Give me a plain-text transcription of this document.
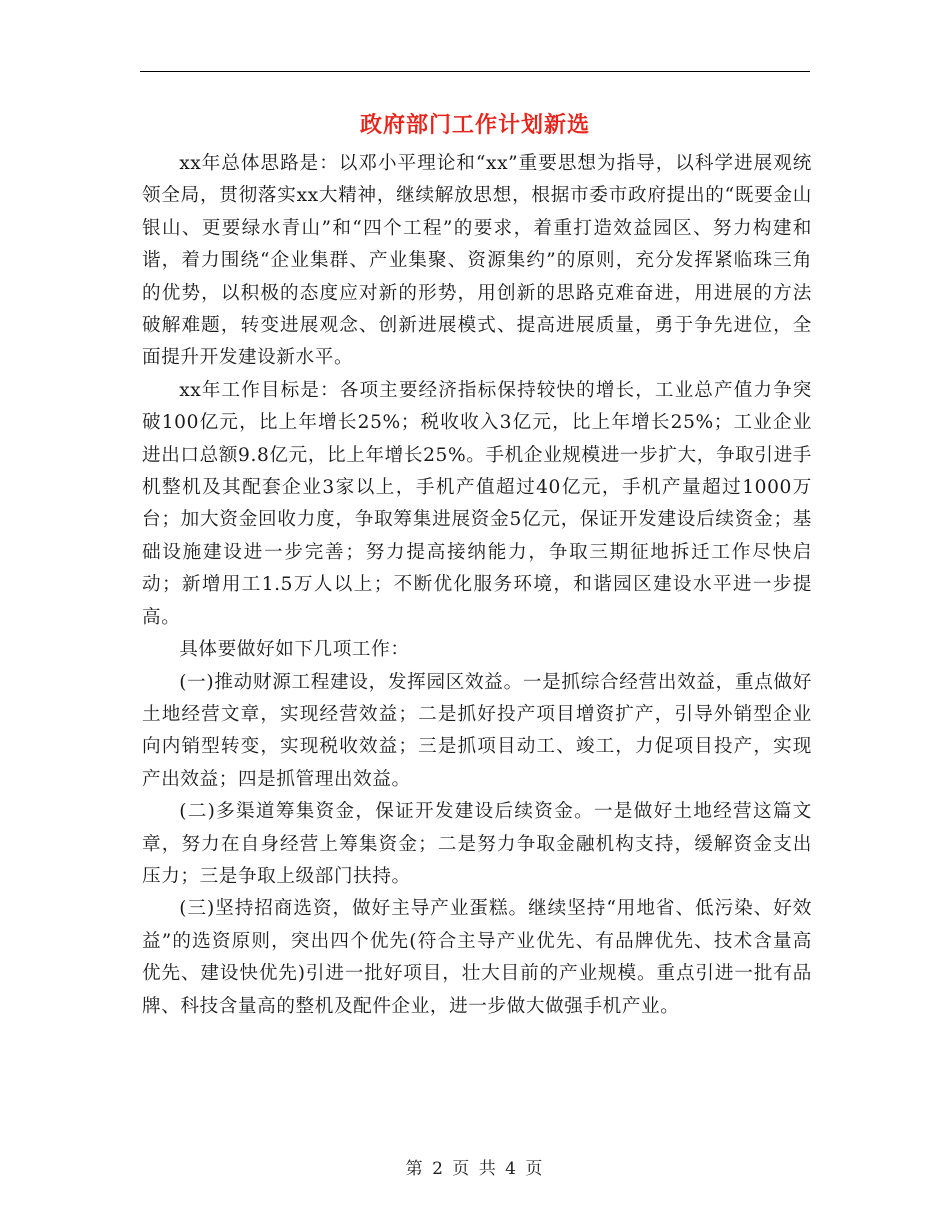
政府部门工作计划新选

xx年总体思路是：以邓小平理论和“xx”重要思想为指导，以科学进展观统领全局，贯彻落实xx大精神，继续解放思想，根据市委市政府提出的“既要金山银山、更要绿水青山”和“四个工程”的要求，着重打造效益园区、努力构建和谐，着力围绕“企业集群、产业集聚、资源集约”的原则，充分发挥紧临珠三角的优势，以积极的态度应对新的形势，用创新的思路克难奋进，用进展的方法破解难题，转变进展观念、创新进展模式、提高进展质量，勇于争先进位，全面提升开发建设新水平。

xx年工作目标是：各项主要经济指标保持较快的增长，工业总产值力争突破100亿元，比上年增长25%；税收收入3亿元，比上年增长25%；工业企业进出口总额9.8亿元，比上年增长25%。手机企业规模进一步扩大，争取引进手机整机及其配套企业3家以上，手机产值超过40亿元，手机产量超过1000万台；加大资金回收力度，争取筹集进展资金5亿元，保证开发建设后续资金；基础设施建设进一步完善；努力提高接纳能力，争取三期征地拆迁工作尽快启动；新增用工1.5万人以上；不断优化服务环境，和谐园区建设水平进一步提高。

具体要做好如下几项工作：

(一)推动财源工程建设，发挥园区效益。一是抓综合经营出效益，重点做好土地经营文章，实现经营效益；二是抓好投产项目增资扩产，引导外销型企业向内销型转变，实现税收效益；三是抓项目动工、竣工，力促项目投产，实现产出效益；四是抓管理出效益。

(二)多渠道筹集资金，保证开发建设后续资金。一是做好土地经营这篇文章，努力在自身经营上筹集资金；二是努力争取金融机构支持，缓解资金支出压力；三是争取上级部门扶持。

(三)坚持招商选资，做好主导产业蛋糕。继续坚持“用地省、低污染、好效益”的选资原则，突出四个优先(符合主导产业优先、有品牌优先、技术含量高优先、建设快优先)引进一批好项目，壮大目前的产业规模。重点引进一批有品牌、科技含量高的整机及配件企业，进一步做大做强手机产业。

第 2 页 共 4 页
